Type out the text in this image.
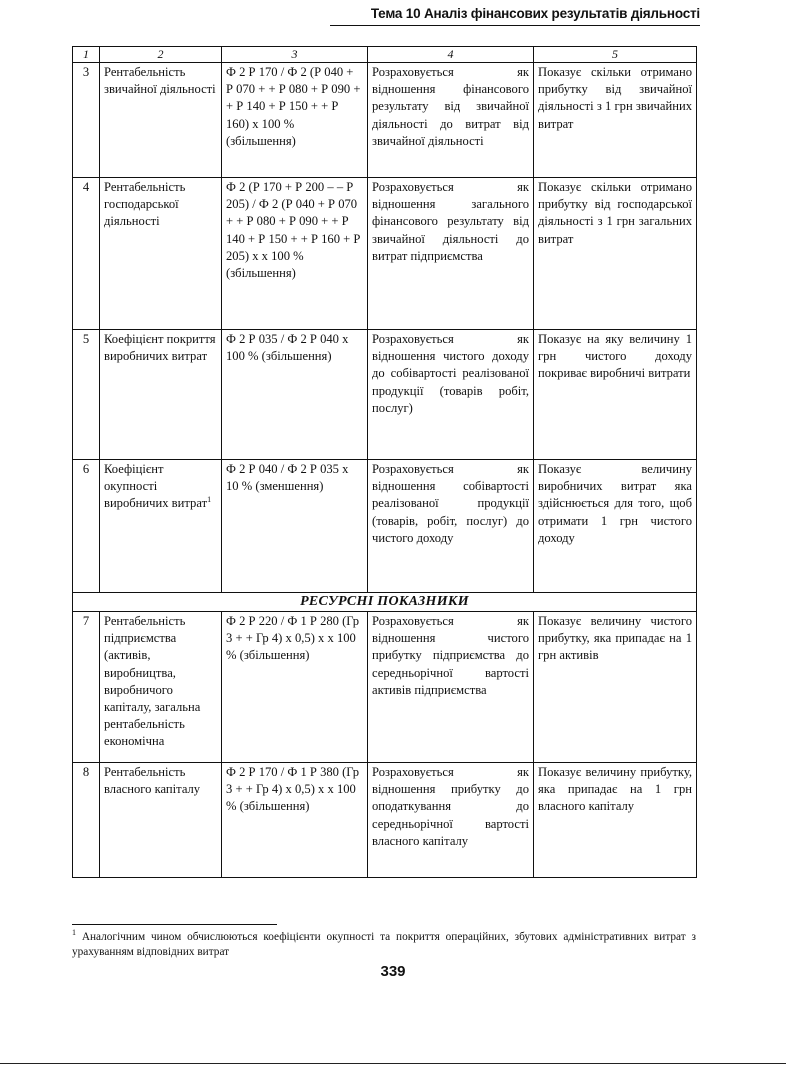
Тема 10 Аналіз фінансових результатів діяльності
1	2	3	4	5
3	Рентабельність звичайної діяльності	Ф 2 Р 170 / Ф 2 (Р 040 + Р 070 + + Р 080 + Р 090 + + Р 140 + Р 150 + + Р 160) х 100 % (збільшення)	Розраховується як відношення фінансового результату від звичайної діяльності до витрат від звичайної діяльності	Показує скільки отримано прибутку від звичайної діяльності з 1 грн звичайних витрат
4	Рентабельність господарської діяльності	Ф 2 (Р 170 + Р 200 – – Р 205) / Ф 2 (Р 040 + Р 070 + + Р 080 + Р 090 + + Р 140 + Р 150 + + Р 160 + Р 205) х х 100 % (збільшення)	Розраховується як відношення загального фінансового результату від звичайної діяльності до витрат підприємства	Показує скільки отримано прибутку від господарської діяльності з 1 грн загальних витрат
5	Коефіцієнт покриття виробничих витрат	Ф 2 Р 035 / Ф 2 Р 040 х 100 % (збільшення)	Розраховується як відношення чистого доходу до собівартості реалізованої продукції (товарів робіт, послуг)	Показує на яку величину 1 грн чистого доходу покриває виробничі витрати
6	Коефіцієнт окупності виробничих витрат$^1$	Ф 2 Р 040 / Ф 2 Р 035 х 10 % (зменшення)	Розраховується як відношення собівартості реалізованої продукції (товарів, робіт, послуг) до чистого доходу	Показує величину виробничих витрат яка здійснюється для того, щоб отримати 1 грн чистого доходу
РЕСУРСНІ ПОКАЗНИКИ				
7	Рентабельність підприємства (активів, виробництва, виробничого капіталу, загальна рентабельність економічна	Ф 2 Р 220 / Ф 1 Р 280 (Гр 3 + + Гр 4) х 0,5) х х 100 % (збільшення)	Розраховується як відношення чистого прибутку підприємства до середньорічної вартості активів підприємства	Показує величину чистого прибутку, яка припадає на 1 грн активів
8	Рентабельність власного капіталу	Ф 2 Р 170 / Ф 1 Р 380 (Гр 3 + + Гр 4) х 0,5) х х 100 % (збільшення)	Розраховується як відношення прибутку до оподаткування до середньорічної вартості власного капіталу	Показує величину прибутку, яка припадає на 1 грн власного капіталу
$^1$ Аналогічним чином обчислюються коефіцієнти окупності та покриття операційних, збутових адміністративних витрат з урахуванням відповідних витрат
339
